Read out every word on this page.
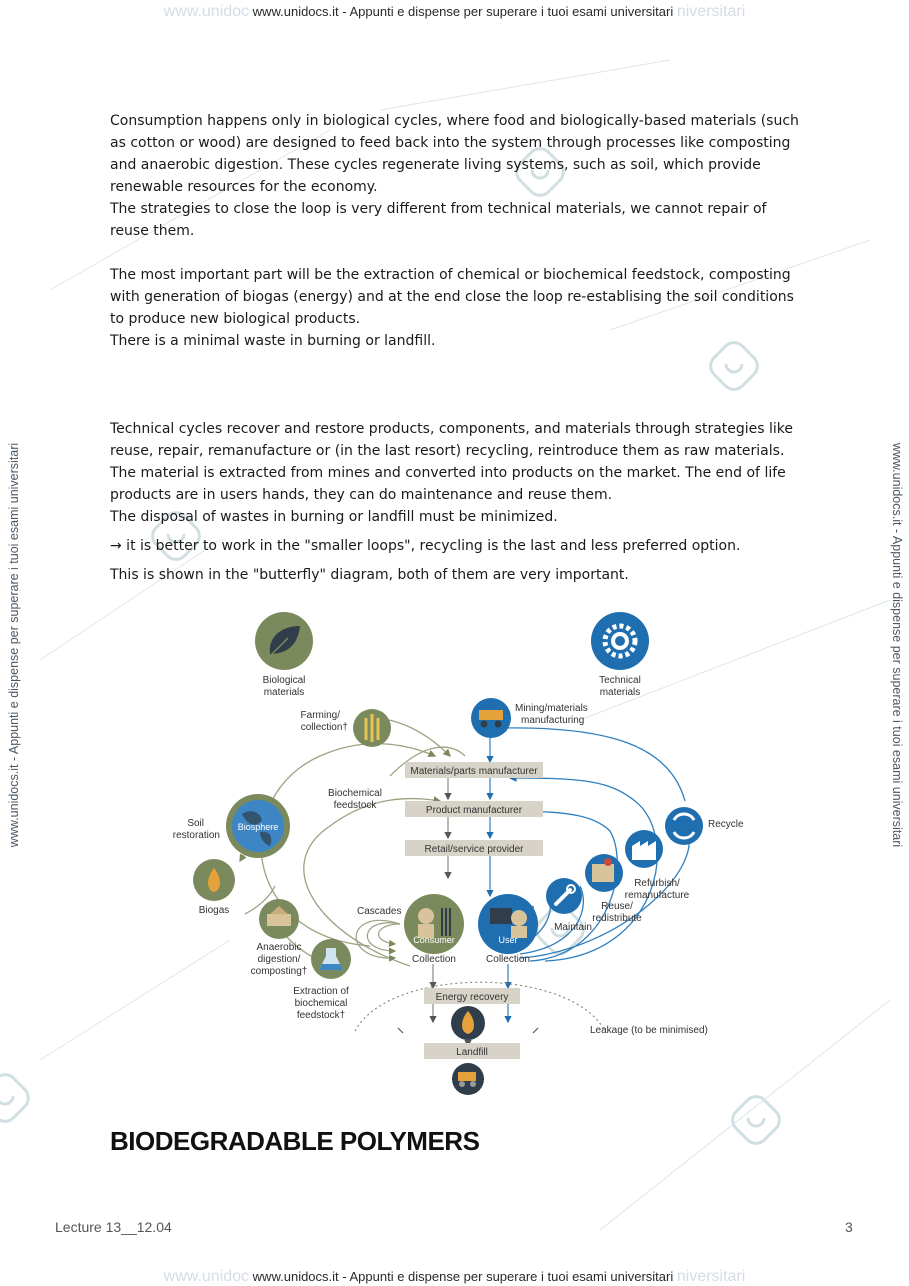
www.unidoc www.unidocs.it - Appunti e dispense per superare i tuoi esami universitari niversitari
www.unidoc www.unidocs.it - Appunti e dispense per superare i tuoi esami universitari niversitari
www.unidocs.it - Appunti e dispense per superare i tuoi esami universitari	www.unidocs.it - Appunti e dispense per superare i tuoi esami universitari

Consumption happens only in biological cycles, where food and biologically-based materials (such as cotton or wood) are designed to feed back into the system through processes like composting and anaerobic digestion. These cycles regenerate living systems, such as soil, which provide renewable resources for the economy.

The strategies to close the loop is very different from technical materials, we cannot repair of reuse them.

The most important part will be the extraction of chemical or biochemical feedstock, composting with generation of biogas (energy) and at the end close the loop re-establising the soil conditions to produce new biological products.

There is a minimal waste in burning or landfill.

Technical cycles recover and restore products, components, and materials through strategies like reuse, repair, remanufacture or (in the last resort) recycling, reintroduce them as raw materials.

The material is extracted from mines and converted into products on the market. The end of life products are in users hands, they can do maintenance and reuse them.

The disposal of wastes in burning or landfill must be minimized.

→ it is better to work in the "smaller loops", recycling is the last and less preferred option.

This is shown in the "butterfly" diagram, both of them are very important.

Materials/parts manufacturer
Product manufacturer
Retail/service provider
Energy recovery
Landfill
Biological materials
Technical materials
Farming/ collection†
Mining/materials manufacturing
Biochemical feedstock
Biosphere
Soil restoration
Biogas
Anaerobic digestion/ composting†
Extraction of biochemical feedstock†
Cascades
Consumer
Collection
User
Collection
Maintain
Reuse/ redistribute
Refurbish/ remanufacture
Recycle
Leakage (to be minimised)
BIODEGRADABLE POLYMERS
Lecture 13__12.04	3
